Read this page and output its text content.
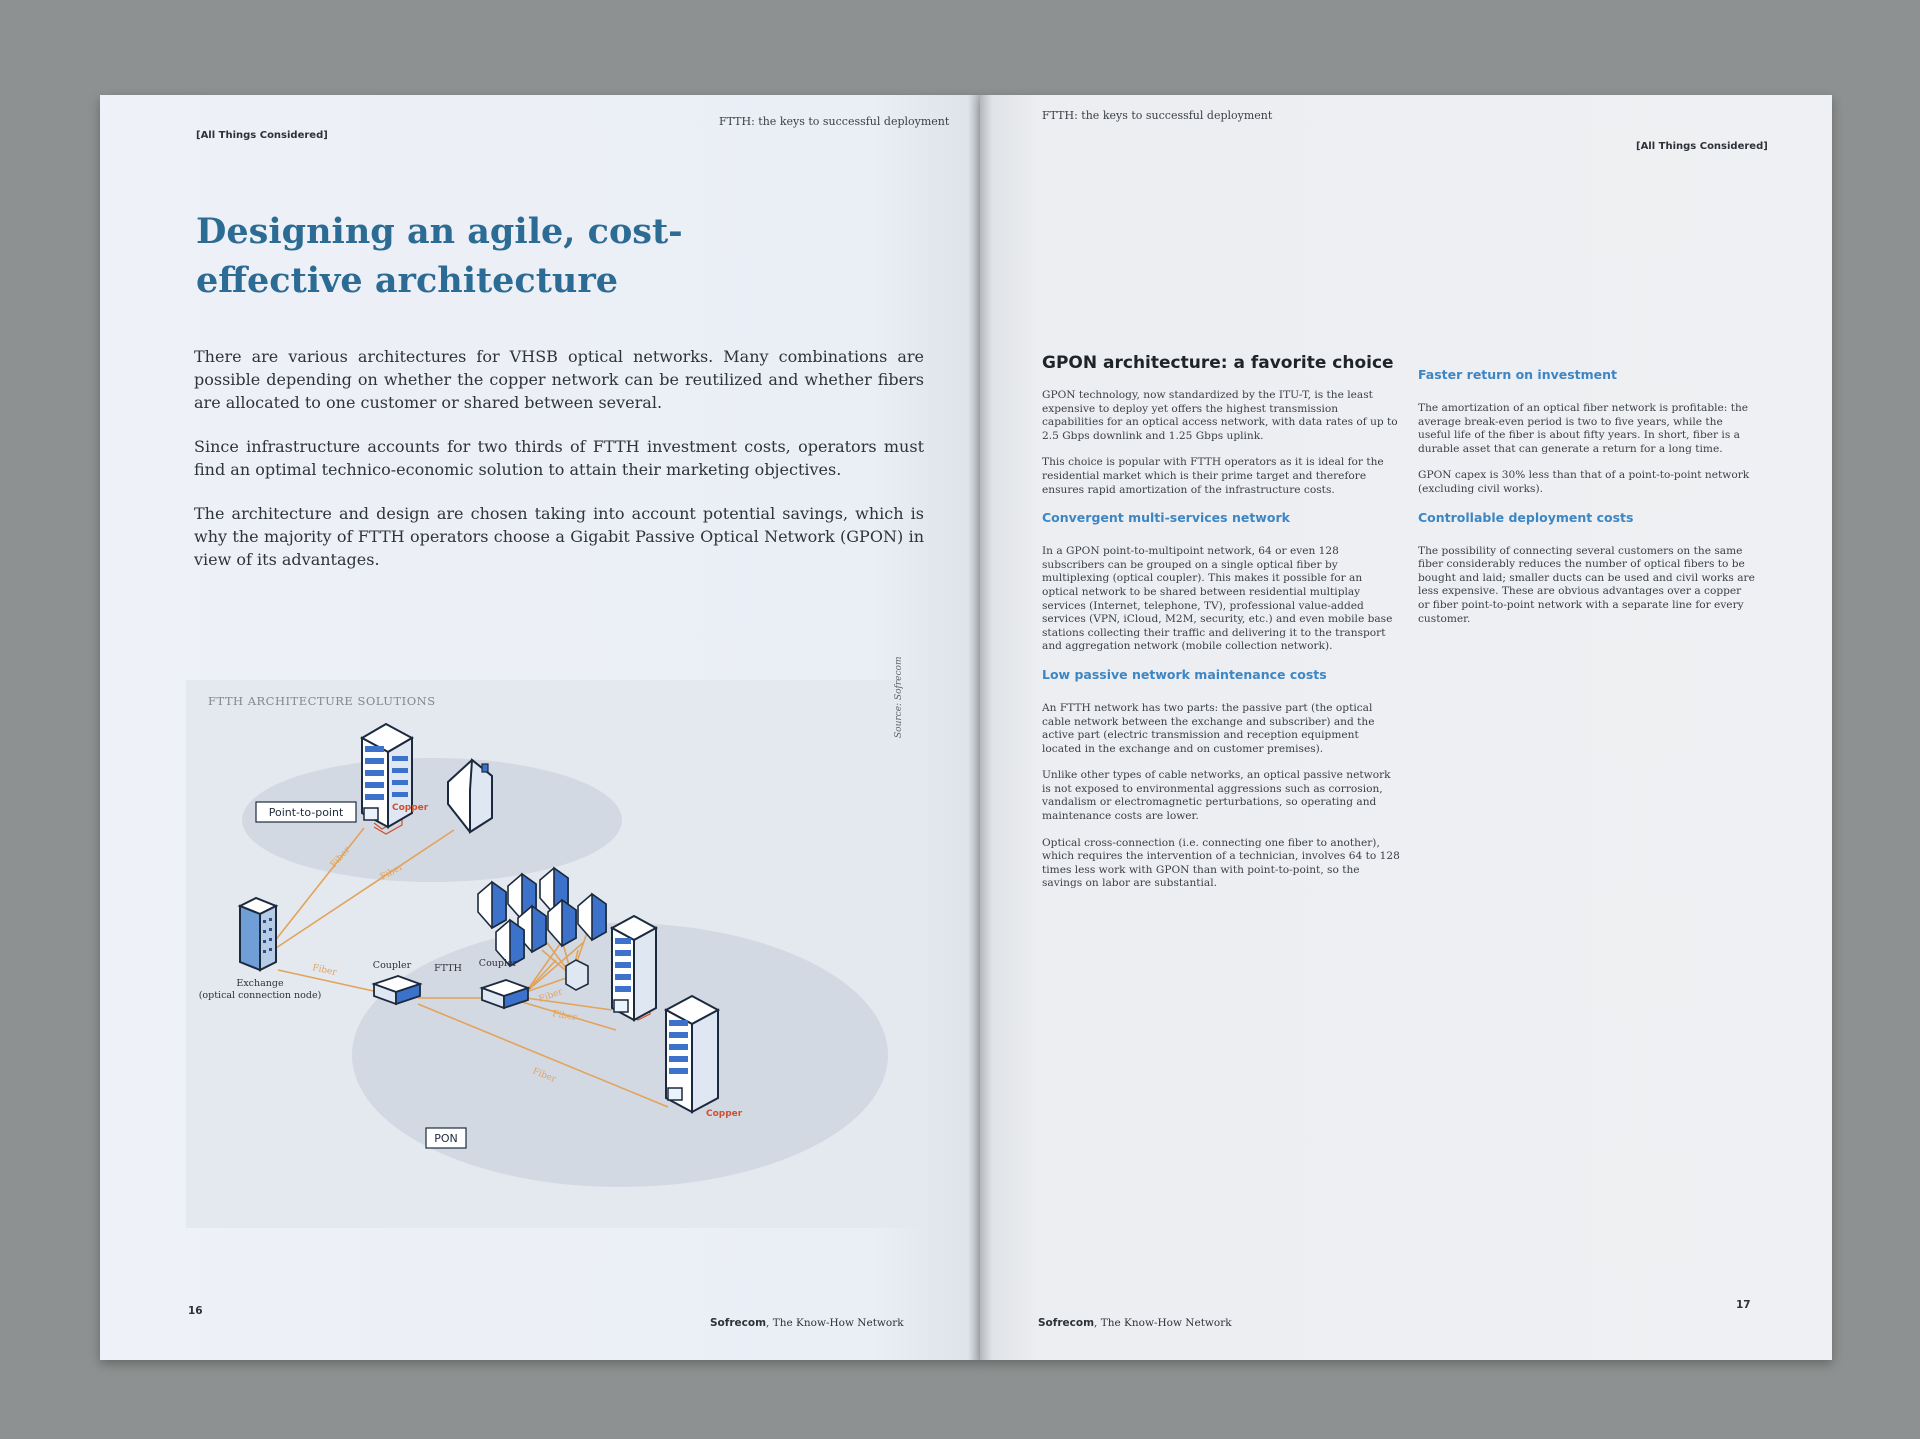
FTTH: the keys to successful deployment
[All Things Considered]
Designing an agile, cost-effective architecture

There are various architectures for VHSB optical networks. Many combinations are possible depending on whether the copper network can be reutilized and whether fibers are allocated to one customer or shared between several.

Since infrastructure accounts for two thirds of FTTH investment costs, operators must find an optimal technico-economic solution to attain their marketing objectives.

The architecture and design are chosen taking into account potential savings, which is why the majority of FTTH operators choose a Gigabit Passive Optical Network (GPON) in view of its advantages.

FTTH ARCHITECTURE SOLUTIONS	Source: Sofrecom
Point-to-point
PON
Exchange
(optical connection node)
Coupler	Coupler
FTTH
Fiber
Fiber
Fiber
Fiber
Fiber
Fiber
Copper
Copper
16
Sofrecom, The Know-How Network
FTTH: the keys to successful deployment
[All Things Considered]
GPON architecture: a favorite choice

GPON technology, now standardized by the ITU-T, is the least expensive to deploy yet offers the highest transmission capabilities for an optical access network, with data rates of up to 2.5 Gbps downlink and 1.25 Gbps uplink.

This choice is popular with FTTH operators as it is ideal for the residential market which is their prime target and therefore ensures rapid amortization of the infrastructure costs.

Convergent multi-services network

In a GPON point-to-multipoint network, 64 or even 128 subscribers can be grouped on a single optical fiber by multiplexing (optical coupler). This makes it possible for an optical network to be shared between residential multiplay services (Internet, telephone, TV), professional value-added services (VPN, iCloud, M2M, security, etc.) and even mobile base stations collecting their traffic and delivering it to the transport and aggregation network (mobile collection network).

Low passive network maintenance costs

An FTTH network has two parts: the passive part (the optical cable network between the exchange and subscriber) and the active part (electric transmission and reception equipment located in the exchange and on customer premises).

Unlike other types of cable networks, an optical passive network is not exposed to environmental aggressions such as corrosion, vandalism or electromagnetic perturbations, so operating and maintenance costs are lower.

Optical cross-connection (i.e. connecting one fiber to another), which requires the intervention of a technician, involves 64 to 128 times less work with GPON than with point-to-point, so the savings on labor are substantial.

Faster return on investment

The amortization of an optical fiber network is profitable: the average break-even period is two to five years, while the useful life of the fiber is about fifty years. In short, fiber is a durable asset that can generate a return for a long time.

GPON capex is 30% less than that of a point-to-point network (excluding civil works).

Controllable deployment costs

The possibility of connecting several customers on the same fiber considerably reduces the number of optical fibers to be bought and laid; smaller ducts can be used and civil works are less expensive. These are obvious advantages over a copper or fiber point-to-point network with a separate line for every customer.

17
Sofrecom, The Know-How Network
